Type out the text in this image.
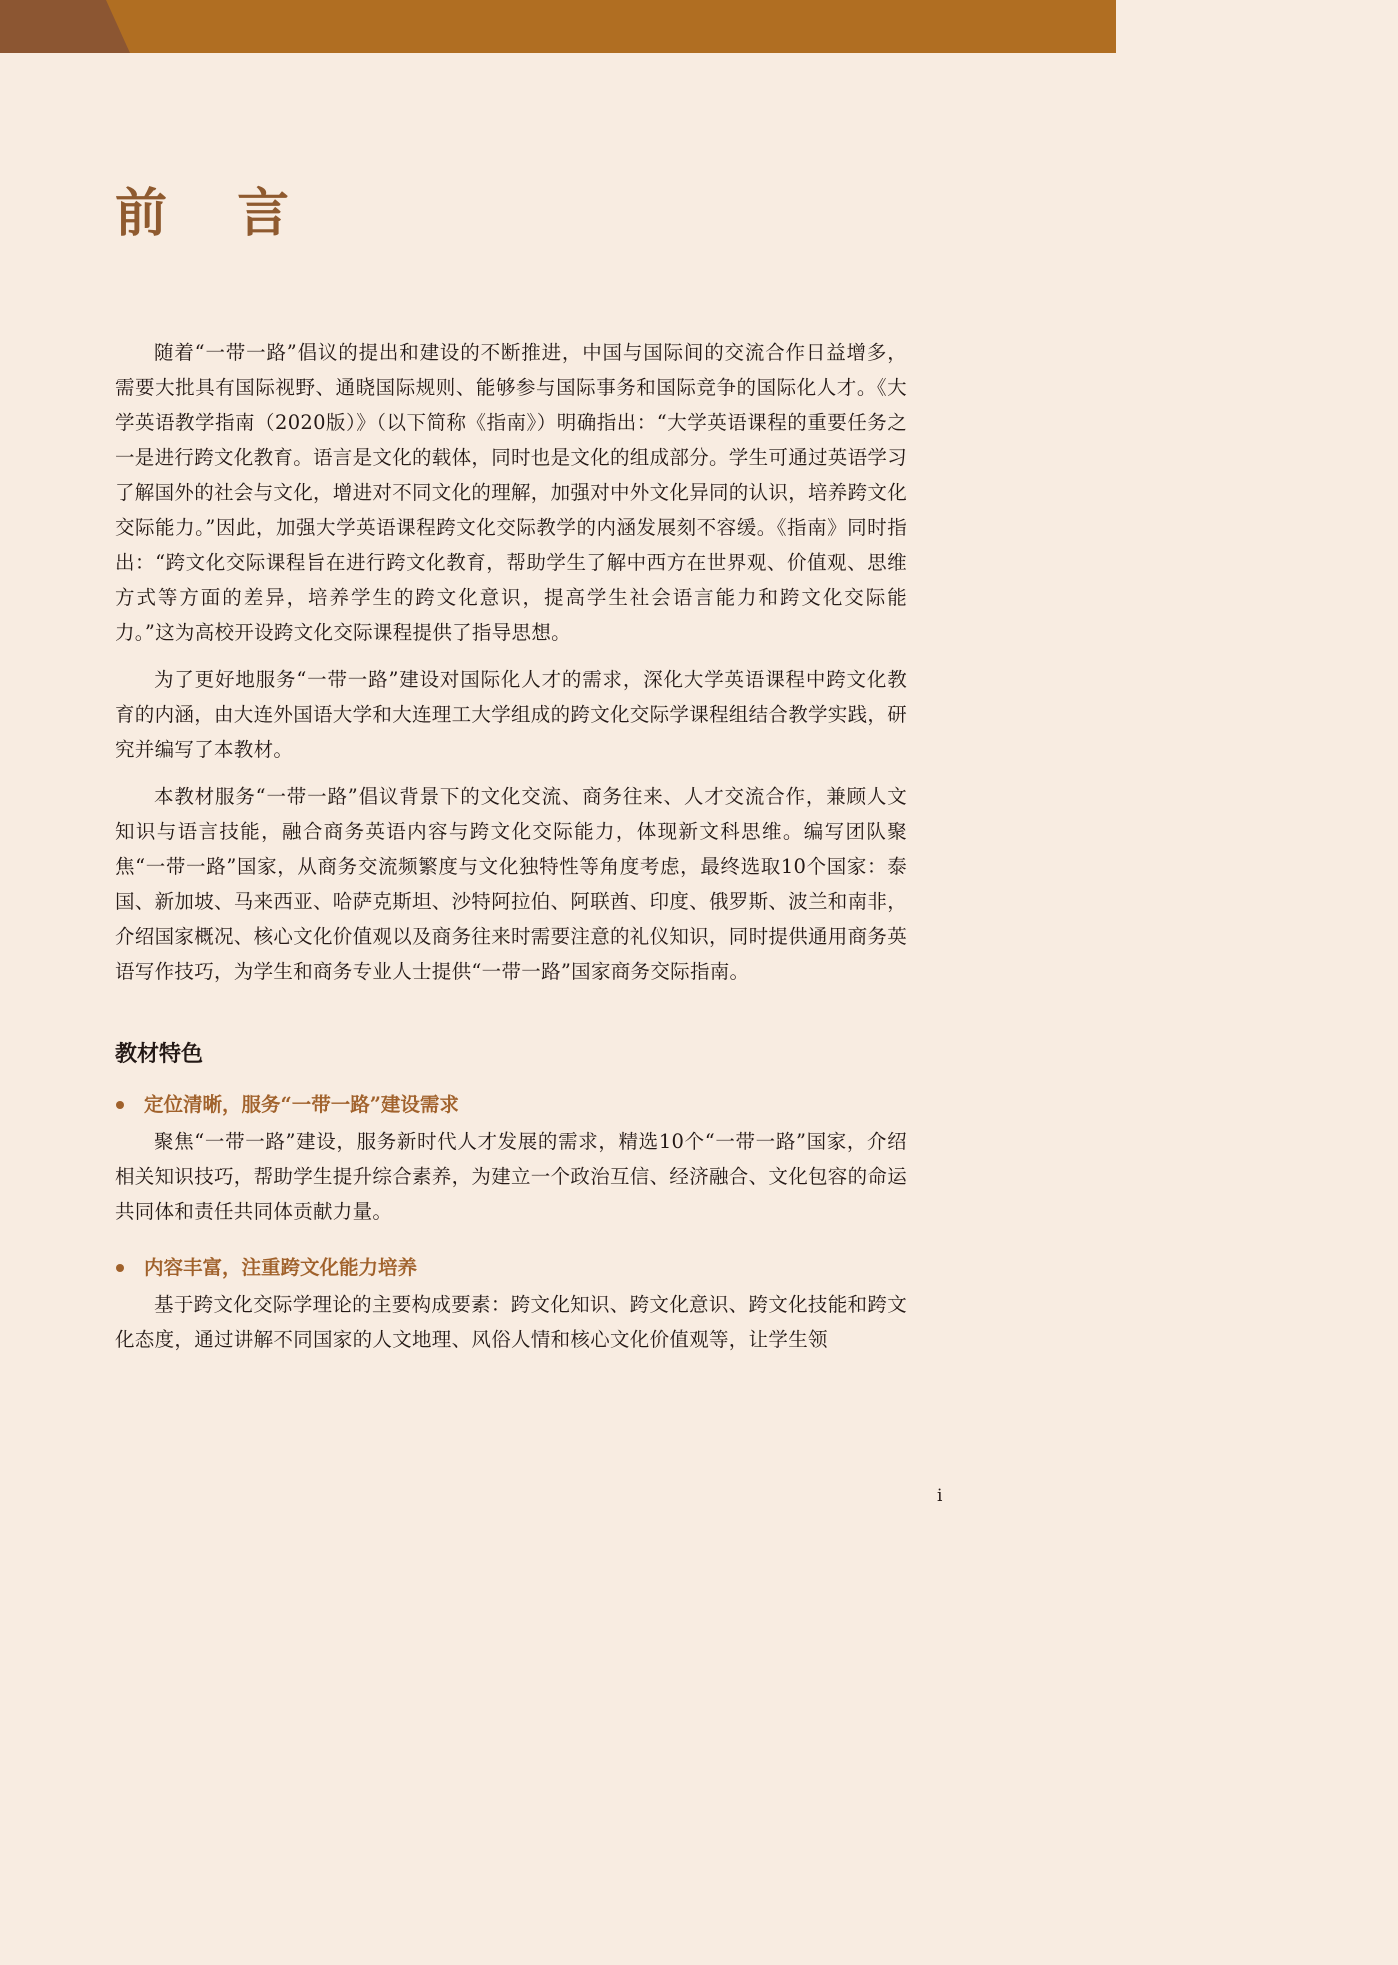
前 言

随着“一带一路”倡议的提出和建设的不断推进，中国与国际间的交流合作日益增多，需要大批具有国际视野、通晓国际规则、能够参与国际事务和国际竞争的国际化人才。《大学英语教学指南（2020版）》（以下简称《指南》）明确指出：“大学英语课程的重要任务之一是进行跨文化教育。语言是文化的载体，同时也是文化的组成部分。学生可通过英语学习了解国外的社会与文化，增进对不同文化的理解，加强对中外文化异同的认识，培养跨文化交际能力。”因此，加强大学英语课程跨文化交际教学的内涵发展刻不容缓。《指南》同时指出：“跨文化交际课程旨在进行跨文化教育，帮助学生了解中西方在世界观、价值观、思维方式等方面的差异，培养学生的跨文化意识，提高学生社会语言能力和跨文化交际能力。”这为高校开设跨文化交际课程提供了指导思想。

为了更好地服务“一带一路”建设对国际化人才的需求，深化大学英语课程中跨文化教育的内涵，由大连外国语大学和大连理工大学组成的跨文化交际学课程组结合教学实践，研究并编写了本教材。

本教材服务“一带一路”倡议背景下的文化交流、商务往来、人才交流合作，兼顾人文知识与语言技能，融合商务英语内容与跨文化交际能力，体现新文科思维。编写团队聚焦“一带一路”国家，从商务交流频繁度与文化独特性等角度考虑，最终选取10个国家：泰国、新加坡、马来西亚、哈萨克斯坦、沙特阿拉伯、阿联酋、印度、俄罗斯、波兰和南非，介绍国家概况、核心文化价值观以及商务往来时需要注意的礼仪知识，同时提供通用商务英语写作技巧，为学生和商务专业人士提供“一带一路”国家商务交际指南。

教材特色

定位清晰，服务“一带一路”建设需求

聚焦“一带一路”建设，服务新时代人才发展的需求，精选10个“一带一路”国家，介绍相关知识技巧，帮助学生提升综合素养，为建立一个政治互信、经济融合、文化包容的命运共同体和责任共同体贡献力量。

内容丰富，注重跨文化能力培养

基于跨文化交际学理论的主要构成要素：跨文化知识、跨文化意识、跨文化技能和跨文化态度，通过讲解不同国家的人文地理、风俗人情和核心文化价值观等，让学生领

i
